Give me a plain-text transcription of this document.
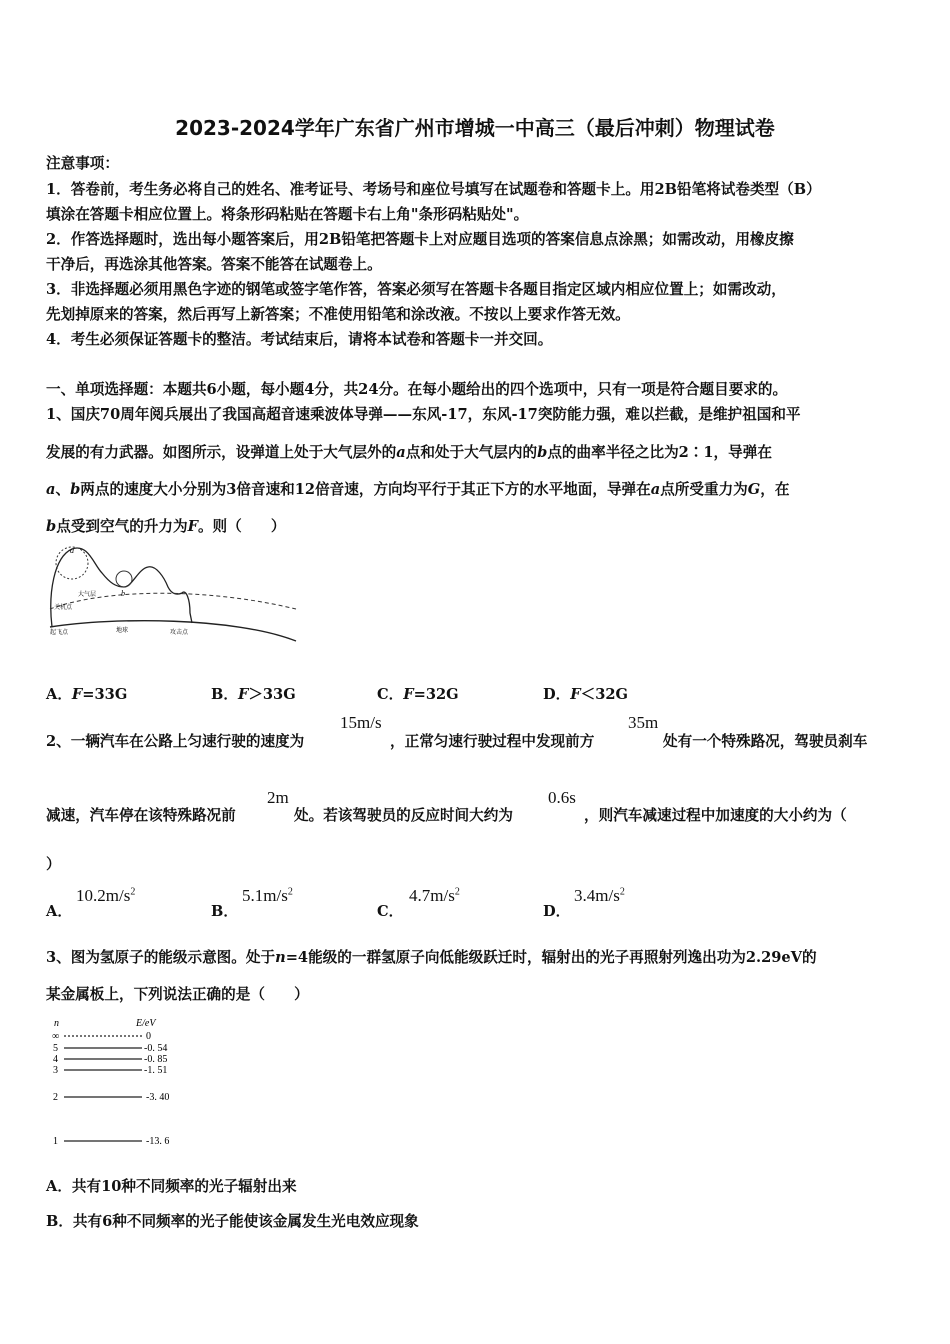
2023-2024学年广东省广州市增城一中高三（最后冲刺）物理试卷
注意事项：
1．答卷前，考生务必将自己的姓名、准考证号、考场号和座位号填写在试题卷和答题卡上。用2B铅笔将试卷类型（B）
填涂在答题卡相应位置上。将条形码粘贴在答题卡右上角"条形码粘贴处"。
2．作答选择题时，选出每小题答案后，用2B铅笔把答题卡上对应题目选项的答案信息点涂黑；如需改动，用橡皮擦
干净后，再选涂其他答案。答案不能答在试题卷上。
3．非选择题必须用黑色字迹的钢笔或签字笔作答，答案必须写在答题卡各题目指定区域内相应位置上；如需改动，
先划掉原来的答案，然后再写上新答案；不准使用铅笔和涂改液。不按以上要求作答无效。
4．考生必须保证答题卡的整洁。考试结束后，请将本试卷和答题卡一并交回。
一、单项选择题：本题共6小题，每小题4分，共24分。在每小题给出的四个选项中，只有一项是符合题目要求的。
1、国庆70周年阅兵展出了我国高超音速乘波体导弹——东风-17，东风-17突防能力强，难以拦截，是维护祖国和平
发展的有力武器。如图所示，设弹道上处于大气层外的a点和处于大气层内的b点的曲率半径之比为2∶1，导弹在
a、b两点的速度大小分别为3倍音速和12倍音速，方向均平行于其正下方的水平地面，导弹在a点所受重力为G，在
b点受到空气的升力为F。则（　　）
a
b
大气层
关机点
起飞点	地球	攻击点
A．F=33G	B．F＞33G	C．F=32G	D．F＜32G
2、一辆汽车在公路上匀速行驶的速度为
15m/s
，正常匀速行驶过程中发现前方
35m
处有一个特殊路况，驾驶员刹车
减速，汽车停在该特殊路况前
2m
处。若该驾驶员的反应时间大约为
0.6s
，则汽车减速过程中加速度的大小约为（
）
A．
$10.2m/s^2$
B．
$5.1m/s^2$
C．
$4.7m/s^2$
D．
$3.4m/s^2$
3、图为氢原子的能级示意图。处于n=4能级的一群氢原子向低能级跃迁时，辐射出的光子再照射列逸出功为2.29eV的
某金属板上，下列说法正确的是（　　）
n	E/eV
∞	0
5	-0. 54
4	-0. 85
3	-1. 51
2	-3. 40
1	-13. 6
A．共有10种不同频率的光子辐射出来
B．共有6种不同频率的光子能使该金属发生光电效应现象
